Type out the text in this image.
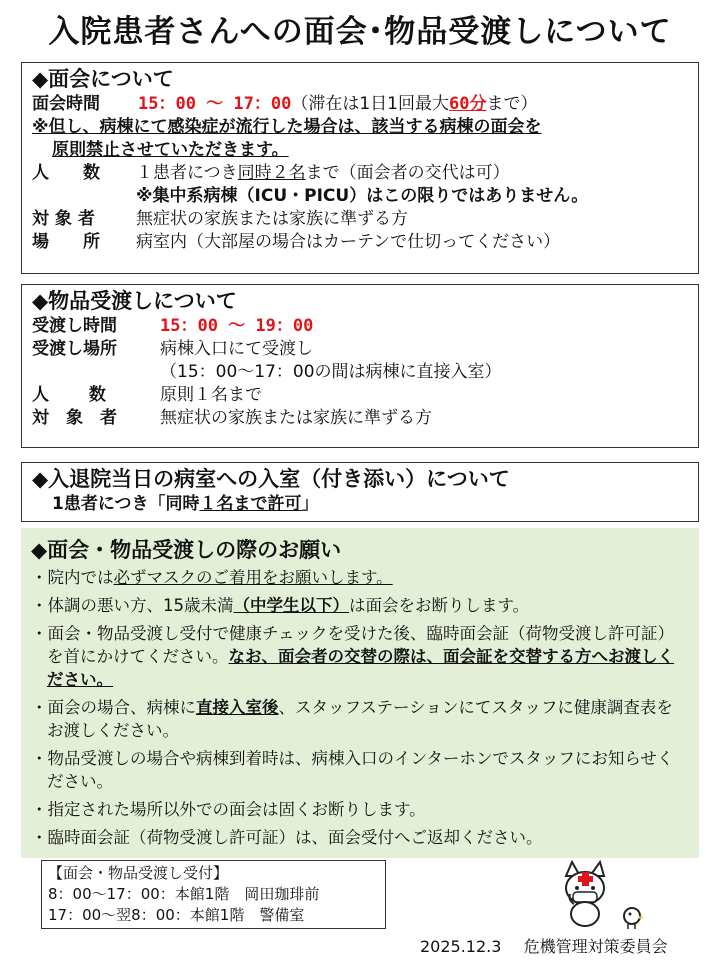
入院患者さんへの面会･物品受渡しについて
◆面会について
面会時間 15：00 ～ 17：00（滞在は1日1回最大60分まで）
※但し、病棟にて感染症が流行した場合は、該当する病棟の面会を
原則禁止させていただきます。
人　　数 １患者につき同時２名まで（面会者の交代は可）
※集中系病棟（ICU・PICU）はこの限りではありません。
対 象 者 無症状の家族または家族に準ずる方
場　　所 病室内（大部屋の場合はカーテンで仕切ってください）
◆物品受渡しについて
受渡し時間	15：00 ～ 19：00
受渡し場所	病棟入口にて受渡し
（15：00～17：00の間は病棟に直接入室）
人　　 数	原則１名まで
対　象　者	無症状の家族または家族に準ずる方
◆入退院当日の病室への入室（付き添い）について
1患者につき「同時１名まで許可」
◆面会・物品受渡しの際のお願い
・院内では必ずマスクのご着用をお願いします。
・体調の悪い方、15歳未満（中学生以下）は面会をお断りします。
・面会・物品受渡し受付で健康チェックを受けた後、臨時面会証（荷物受渡し許可証）を首にかけてください。なお、面会者の交替の際は、面会証を交替する方へお渡しください。
・面会の場合、病棟に直接入室後、スタッフステーションにてスタッフに健康調査表をお渡しください。
・物品受渡しの場合や病棟到着時は、病棟入口のインターホンでスタッフにお知らせください。
・指定された場所以外での面会は固くお断りします。
・臨時面会証（荷物受渡し許可証）は、面会受付へご返却ください。
【面会・物品受渡し受付】
8：00～17：00：本館1階　岡田珈琲前
17：00～翌8：00：本館1階　警備室
2025.12.3 危機管理対策委員会
